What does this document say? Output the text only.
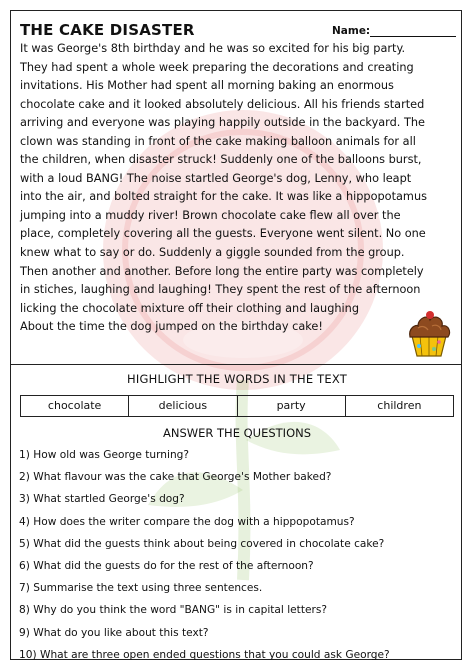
THE CAKE DISASTER	Name:
It was George's 8th birthday and he was so excited for his big party.
They had spent a whole week preparing the decorations and creating
invitations. His Mother had spent all morning baking an enormous
chocolate cake and it looked absolutely delicious. All his friends started
arriving and everyone was playing happily outside in the backyard. The
clown was standing in front of the cake making balloon animals for all
the children, when disaster struck! Suddenly one of the balloons burst,
with a loud BANG! The noise startled George's dog, Lenny, who leapt
into the air, and bolted straight for the cake. It was like a hippopotamus
jumping into a muddy river! Brown chocolate cake flew all over the
place, completely covering all the guests. Everyone went silent. No one
knew what to say or do. Suddenly a giggle sounded from the group.
Then another and another. Before long the entire party was completely
in stiches, laughing and laughing! They spent the rest of the afternoon
licking the chocolate mixture off their clothing and laughing
About the time the dog jumped on the birthday cake!
HIGHLIGHT THE WORDS IN THE TEXT
chocolate	delicious	party	children
ANSWER THE QUESTIONS
1) How old was George turning?
2) What flavour was the cake that George's Mother baked?
3) What startled George's dog?
4) How does the writer compare the dog with a hippopotamus?
5) What did the guests think about being covered in chocolate cake?
6) What did the guests do for the rest of the afternoon?
7) Summarise the text using three sentences.
8) Why do you think the word "BANG" is in capital letters?
9) What do you like about this text?
10) What are three open ended questions that you could ask George?
